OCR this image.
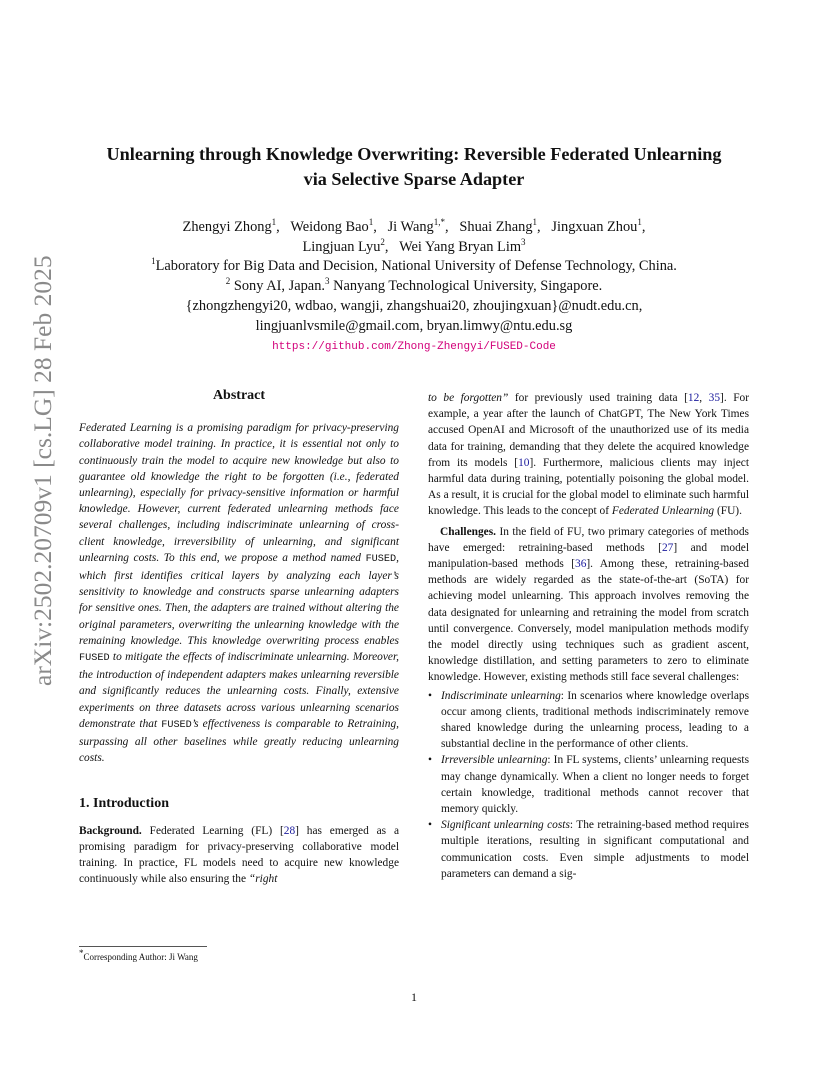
arXiv:2502.20709v1 [cs.LG] 28 Feb 2025
Unlearning through Knowledge Overwriting: Reversible Federated Unlearning
via Selective Sparse Adapter
Zhengyi Zhong$^1$,   Weidong Bao$^1$,   Ji Wang$^{1,*}$,   Shuai Zhang$^1$,   Jingxuan Zhou$^1$,
Lingjuan Lyu$^2$,   Wei Yang Bryan Lim$^3$
$^1$Laboratory for Big Data and Decision, National University of Defense Technology, China.
$^2$ Sony AI, Japan.$^3$ Nanyang Technological University, Singapore.
{zhongzhengyi20, wdbao, wangji, zhangshuai20, zhoujingxuan}@nudt.edu.cn,
lingjuanlvsmile@gmail.com, bryan.limwy@ntu.edu.sg
https://github.com/Zhong-Zhengyi/FUSED-Code
Abstract

Federated Learning is a promising paradigm for privacy-preserving collaborative model training. In practice, it is essential not only to continuously train the model to acquire new knowledge but also to guarantee old knowledge the right to be forgotten (i.e., federated unlearning), especially for privacy-sensitive information or harmful knowledge. However, current federated unlearning methods face several challenges, including indiscriminate unlearning of cross-client knowledge, irreversibility of unlearning, and significant unlearning costs. To this end, we propose a method named FUSED, which first identifies critical layers by analyzing each layer’s sensitivity to knowledge and constructs sparse unlearning adapters for sensitive ones. Then, the adapters are trained without altering the original parameters, overwriting the unlearning knowledge with the remaining knowledge. This knowledge overwriting process enables FUSED to mitigate the effects of indiscriminate unlearning. Moreover, the introduction of independent adapters makes unlearning reversible and significantly reduces the unlearning costs. Finally, extensive experiments on three datasets across various unlearning scenarios demonstrate that FUSED’s effectiveness is comparable to Retraining, surpassing all other baselines while greatly reducing unlearning costs.

1. Introduction

Background. Federated Learning (FL) [28] has emerged as a promising paradigm for privacy-preserving collaborative model training. In practice, FL models need to acquire new knowledge continuously while also ensuring the “right

to be forgotten” for previously used training data [12, 35]. For example, a year after the launch of ChatGPT, The New York Times accused OpenAI and Microsoft of the unauthorized use of its media data for training, demanding that they delete the acquired knowledge from its models [10]. Furthermore, malicious clients may inject harmful data during training, potentially poisoning the global model. As a result, it is crucial for the global model to eliminate such harmful knowledge. This leads to the concept of Federated Unlearning (FU).

Challenges. In the field of FU, two primary categories of methods have emerged: retraining-based methods [27] and model manipulation-based methods [36]. Among these, retraining-based methods are widely regarded as the state-of-the-art (SoTA) for achieving model unlearning. This approach involves removing the data designated for unlearning and retraining the model from scratch until convergence. Conversely, model manipulation methods modify the model directly using techniques such as gradient ascent, knowledge distillation, and setting parameters to zero to eliminate knowledge. However, existing methods still face several challenges:

• Indiscriminate unlearning: In scenarios where knowledge overlaps occur among clients, traditional methods indiscriminately remove shared knowledge during the unlearning process, leading to a substantial decline in the performance of other clients.
• Irreversible unlearning: In FL systems, clients’ unlearning requests may change dynamically. When a client no longer needs to forget certain knowledge, traditional methods cannot recover that memory quickly.
• Significant unlearning costs: The retraining-based method requires multiple iterations, resulting in significant computational and communication costs. Even simple adjustments to model parameters can demand a sig-
*Corresponding Author: Ji Wang
1
